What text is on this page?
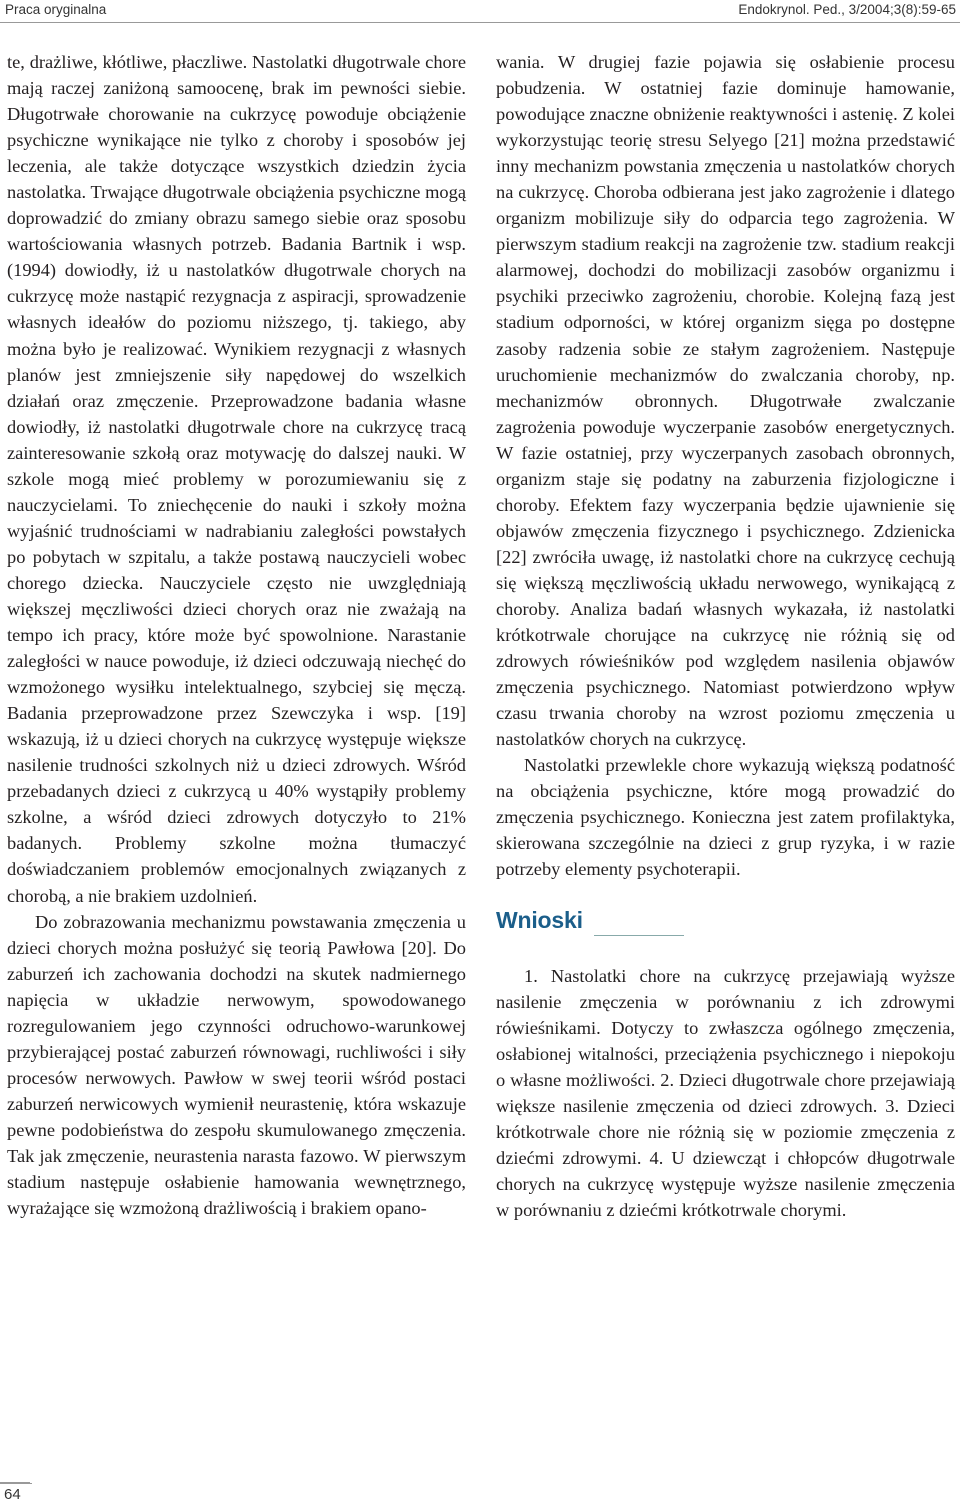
Praca oryginalna	Endokrynol. Ped., 3/2004;3(8):59-65

te, drażliwe, kłótliwe, płaczliwe. Nastolatki długotrwale chore mają raczej zaniżoną samoocenę, brak im pewności siebie. Długotrwałe chorowanie na cukrzycę powoduje obciążenie psychiczne wynikające nie tylko z choroby i sposobów jej leczenia, ale także dotyczące wszystkich dziedzin życia nastolatka. Trwające długotrwale obciążenia psychiczne mogą doprowadzić do zmiany obrazu samego siebie oraz sposobu wartościowania własnych potrzeb. Badania Bartnik i wsp. (1994) dowiodły, iż u nastolatków długotrwale chorych na cukrzycę może nastąpić rezygnacja z aspiracji, sprowadzenie własnych ideałów do poziomu niższego, tj. takiego, aby można było je realizować. Wynikiem rezygnacji z własnych planów jest zmniejszenie siły napędowej do wszelkich działań oraz zmęczenie. Przeprowadzone badania własne dowiodły, iż nastolatki długotrwale chore na cukrzycę tracą zainteresowanie szkołą oraz motywację do dalszej nauki. W szkole mogą mieć problemy w porozumiewaniu się z nauczycielami. To zniechęcenie do nauki i szkoły można wyjaśnić trudnościami w nadrabianiu zaległości powstałych po pobytach w szpitalu, a także postawą nauczycieli wobec chorego dziecka. Nauczyciele często nie uwzględniają większej męczliwości dzieci chorych oraz nie zważają na tempo ich pracy, które może być spowolnione. Narastanie zaległości w nauce powoduje, iż dzieci odczuwają niechęć do wzmożonego wysiłku intelektualnego, szybciej się męczą. Badania przeprowadzone przez Szewczyka i wsp. [19] wskazują, iż u dzieci chorych na cukrzycę występuje większe nasilenie trudności szkolnych niż u dzieci zdrowych. Wśród przebadanych dzieci z cukrzycą u 40% wystąpiły problemy szkolne, a wśród dzieci zdrowych dotyczyło to 21% badanych. Problemy szkolne można tłumaczyć doświadczaniem problemów emocjonalnych związanych z chorobą, a nie brakiem uzdolnień.

Do zobrazowania mechanizmu powstawania zmęczenia u dzieci chorych można posłużyć się teorią Pawłowa [20]. Do zaburzeń ich zachowania dochodzi na skutek nadmiernego napięcia w układzie nerwowym, spowodowanego rozregulowaniem jego czynności odruchowo-warunkowej przybierającej postać zaburzeń równowagi, ruchliwości i siły procesów nerwowych. Pawłow w swej teorii wśród postaci zaburzeń nerwicowych wymienił neurastenię, która wskazuje pewne podobieństwa do zespołu skumulowanego zmęczenia. Tak jak zmęczenie, neurastenia narasta fazowo. W pierwszym stadium następuje osłabienie hamowania wewnętrznego, wyrażające się wzmożoną drażliwością i brakiem opano-

wania. W drugiej fazie pojawia się osłabienie procesu pobudzenia. W ostatniej fazie dominuje hamowanie, powodujące znaczne obniżenie reaktywności i astenię. Z kolei wykorzystując teorię stresu Selyego [21] można przedstawić inny mechanizm powstania zmęczenia u nastolatków chorych na cukrzycę. Choroba odbierana jest jako zagrożenie i dlatego organizm mobilizuje siły do odparcia tego zagrożenia. W pierwszym stadium reakcji na zagrożenie tzw. stadium reakcji alarmowej, dochodzi do mobilizacji zasobów organizmu i psychiki przeciwko zagrożeniu, chorobie. Kolejną fazą jest stadium odporności, w której organizm sięga po dostępne zasoby radzenia sobie ze stałym zagrożeniem. Następuje uruchomienie mechanizmów do zwalczania choroby, np. mechanizmów obronnych. Długotrwałe zwalczanie zagrożenia powoduje wyczerpanie zasobów energetycznych. W fazie ostatniej, przy wyczerpanych zasobach obronnych, organizm staje się podatny na zaburzenia fizjologiczne i choroby. Efektem fazy wyczerpania będzie ujawnienie się objawów zmęczenia fizycznego i psychicznego. Zdzienicka [22] zwróciła uwagę, iż nastolatki chore na cukrzycę cechują się większą męczliwością układu nerwowego, wynikającą z choroby. Analiza badań własnych wykazała, iż nastolatki krótkotrwale chorujące na cukrzycę nie różnią się od zdrowych rówieśników pod względem nasilenia objawów zmęczenia psychicznego. Natomiast potwierdzono wpływ czasu trwania choroby na wzrost poziomu zmęczenia u nastolatków chorych na cukrzycę.

Nastolatki przewlekle chore wykazują większą podatność na obciążenia psychiczne, które mogą prowadzić do zmęczenia psychicznego. Konieczna jest zatem profilaktyka, skierowana szczególnie na dzieci z grup ryzyka, i w razie potrzeby elementy psychoterapii.

Wnioski

1. Nastolatki chore na cukrzycę przejawiają wyższe nasilenie zmęczenia w porównaniu z ich zdrowymi rówieśnikami. Dotyczy to zwłaszcza ogólnego zmęczenia, osłabionej witalności, przeciążenia psychicznego i niepokoju o własne możliwości. 2. Dzieci długotrwale chore przejawiają większe nasilenie zmęczenia od dzieci zdrowych. 3. Dzieci krótkotrwale chore nie różnią się w poziomie zmęczenia z dziećmi zdrowymi. 4. U dziewcząt i chłopców długotrwale chorych na cukrzycę występuje wyższe nasilenie zmęczenia w porównaniu z dziećmi krótkotrwale chorymi.

64
